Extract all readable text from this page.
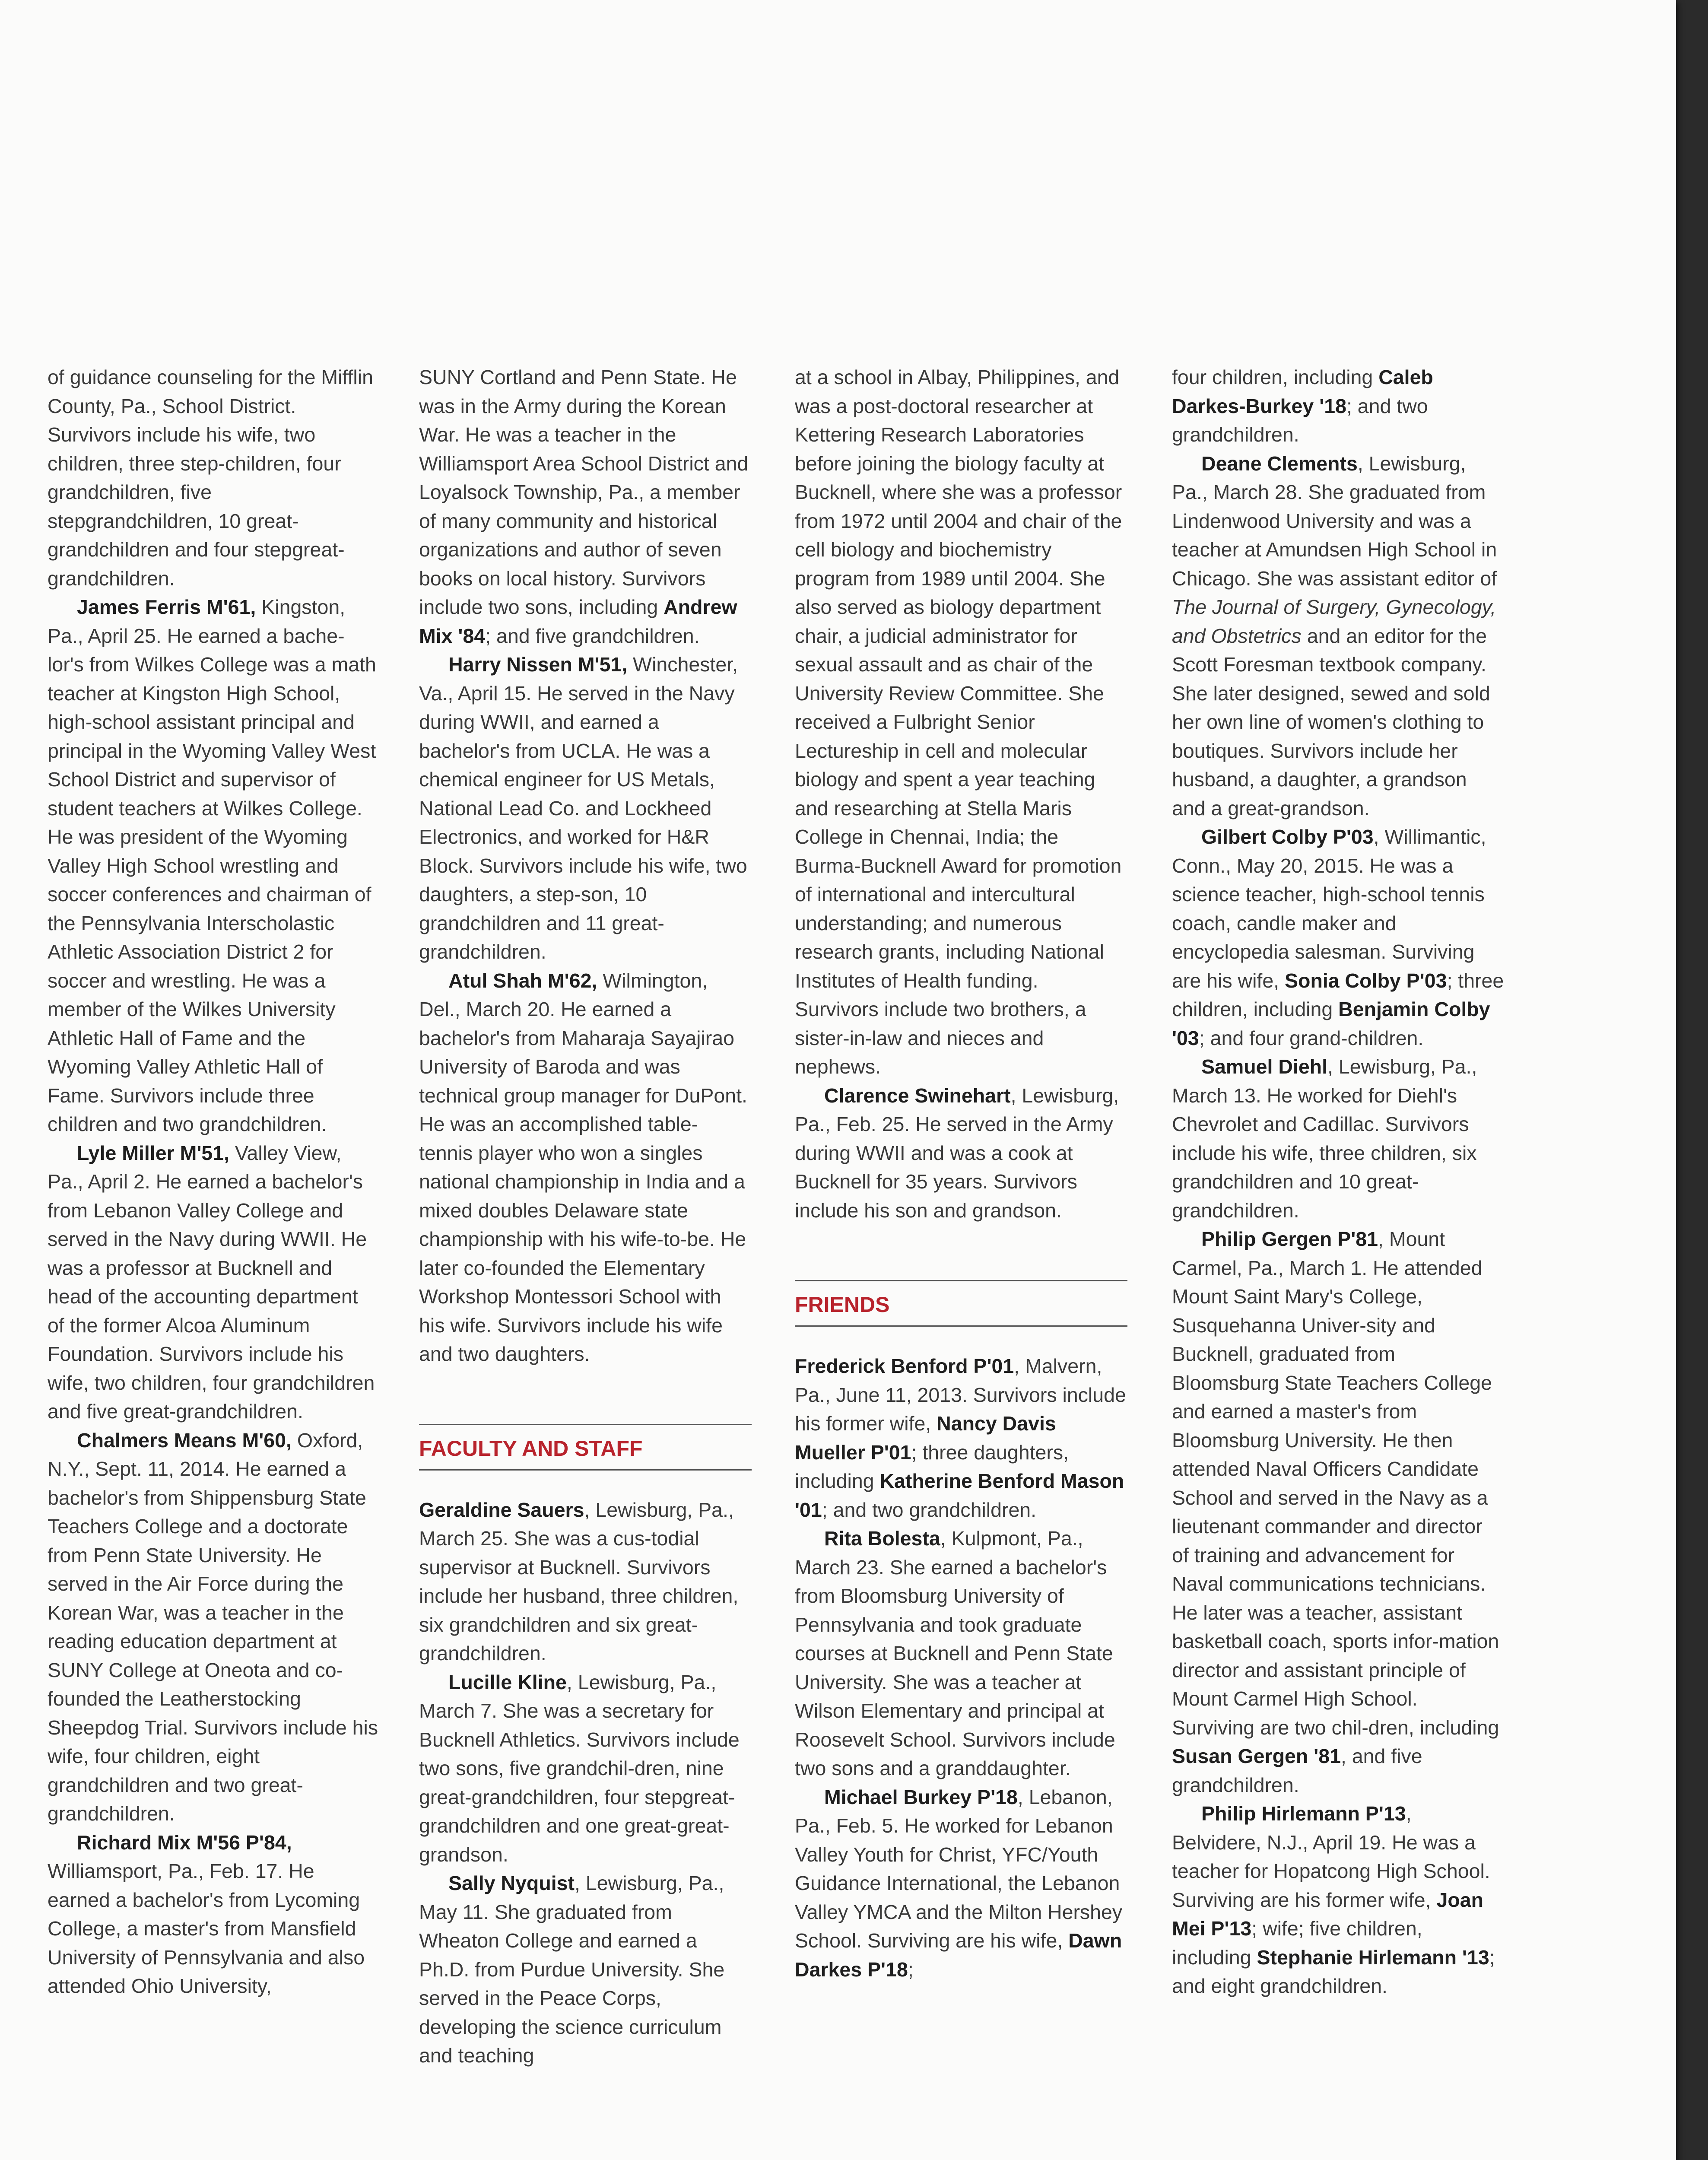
of guidance counseling for the Mifflin County, Pa., School District. Survivors include his wife, two children, three step-children, four grandchildren, five stepgrandchildren, 10 great-grandchildren and four stepgreat-grandchildren.

James Ferris M'61, Kingston, Pa., April 25. He earned a bache-lor's from Wilkes College was a math teacher at Kingston High School, high-school assistant principal and principal in the Wyoming Valley West School District and supervisor of student teachers at Wilkes College. He was president of the Wyoming Valley High School wrestling and soccer conferences and chairman of the Pennsylvania Interscholastic Athletic Association District 2 for soccer and wrestling. He was a member of the Wilkes University Athletic Hall of Fame and the Wyoming Valley Athletic Hall of Fame. Survivors include three children and two grandchildren.

Lyle Miller M'51, Valley View, Pa., April 2. He earned a bachelor's from Lebanon Valley College and served in the Navy during WWII. He was a professor at Bucknell and head of the accounting department of the former Alcoa Aluminum Foundation. Survivors include his wife, two children, four grandchildren and five great-grandchildren.

Chalmers Means M'60, Oxford, N.Y., Sept. 11, 2014. He earned a bachelor's from Shippensburg State Teachers College and a doctorate from Penn State University. He served in the Air Force during the Korean War, was a teacher in the reading education department at SUNY College at Oneota and co-founded the Leatherstocking Sheepdog Trial. Survivors include his wife, four children, eight grandchildren and two great-grandchildren.

Richard Mix M'56 P'84, Williamsport, Pa., Feb. 17. He earned a bachelor's from Lycoming College, a master's from Mansfield University of Pennsylvania and also attended Ohio University,

SUNY Cortland and Penn State. He was in the Army during the Korean War. He was a teacher in the Williamsport Area School District and Loyalsock Township, Pa., a member of many community and historical organizations and author of seven books on local history. Survivors include two sons, including Andrew Mix '84; and five grandchildren.

Harry Nissen M'51, Winchester, Va., April 15. He served in the Navy during WWII, and earned a bachelor's from UCLA. He was a chemical engineer for US Metals, National Lead Co. and Lockheed Electronics, and worked for H&R Block. Survivors include his wife, two daughters, a step-son, 10 grandchildren and 11 great-grandchildren.

Atul Shah M'62, Wilmington, Del., March 20. He earned a bachelor's from Maharaja Sayajirao University of Baroda and was technical group manager for DuPont. He was an accomplished table-tennis player who won a singles national championship in India and a mixed doubles Delaware state championship with his wife-to-be. He later co-founded the Elementary Workshop Montessori School with his wife. Survivors include his wife and two daughters.

FACULTY AND STAFF

Geraldine Sauers, Lewisburg, Pa., March 25. She was a cus-todial supervisor at Bucknell. Survivors include her husband, three children, six grandchildren and six great-grandchildren.

Lucille Kline, Lewisburg, Pa., March 7. She was a secretary for Bucknell Athletics. Survivors include two sons, five grandchil-dren, nine great-grandchildren, four stepgreat-grandchildren and one great-great-grandson.

Sally Nyquist, Lewisburg, Pa., May 11. She graduated from Wheaton College and earned a Ph.D. from Purdue University. She served in the Peace Corps, developing the science curriculum and teaching

at a school in Albay, Philippines, and was a post-doctoral researcher at Kettering Research Laboratories before joining the biology faculty at Bucknell, where she was a professor from 1972 until 2004 and chair of the cell biology and biochemistry program from 1989 until 2004. She also served as biology department chair, a judicial administrator for sexual assault and as chair of the University Review Committee. She received a Fulbright Senior Lectureship in cell and molecular biology and spent a year teaching and researching at Stella Maris College in Chennai, India; the Burma-Bucknell Award for promotion of international and intercultural understanding; and numerous research grants, including National Institutes of Health funding. Survivors include two brothers, a sister-in-law and nieces and nephews.

Clarence Swinehart, Lewisburg, Pa., Feb. 25. He served in the Army during WWII and was a cook at Bucknell for 35 years. Survivors include his son and grandson.

FRIENDS

Frederick Benford P'01, Malvern, Pa., June 11, 2013. Survivors include his former wife, Nancy Davis Mueller P'01; three daughters, including Katherine Benford Mason '01; and two grandchildren.

Rita Bolesta, Kulpmont, Pa., March 23. She earned a bachelor's from Bloomsburg University of Pennsylvania and took graduate courses at Bucknell and Penn State University. She was a teacher at Wilson Elementary and principal at Roosevelt School. Survivors include two sons and a granddaughter.

Michael Burkey P'18, Lebanon, Pa., Feb. 5. He worked for Lebanon Valley Youth for Christ, YFC/Youth Guidance International, the Lebanon Valley YMCA and the Milton Hershey School. Surviving are his wife, Dawn Darkes P'18;

four children, including Caleb Darkes-Burkey '18; and two grandchildren.

Deane Clements, Lewisburg, Pa., March 28. She graduated from Lindenwood University and was a teacher at Amundsen High School in Chicago. She was assistant editor of The Journal of Surgery, Gynecology, and Obstetrics and an editor for the Scott Foresman textbook company. She later designed, sewed and sold her own line of women's clothing to boutiques. Survivors include her husband, a daughter, a grandson and a great-grandson.

Gilbert Colby P'03, Willimantic, Conn., May 20, 2015. He was a science teacher, high-school tennis coach, candle maker and encyclopedia salesman. Surviving are his wife, Sonia Colby P'03; three children, including Benjamin Colby '03; and four grand-children.

Samuel Diehl, Lewisburg, Pa., March 13. He worked for Diehl's Chevrolet and Cadillac. Survivors include his wife, three children, six grandchildren and 10 great-grandchildren.

Philip Gergen P'81, Mount Carmel, Pa., March 1. He attended Mount Saint Mary's College, Susquehanna Univer-sity and Bucknell, graduated from Bloomsburg State Teachers College and earned a master's from Bloomsburg University. He then attended Naval Officers Candidate School and served in the Navy as a lieutenant commander and director of training and advancement for Naval communications technicians. He later was a teacher, assistant basketball coach, sports infor-mation director and assistant principle of Mount Carmel High School. Surviving are two chil-dren, including Susan Gergen '81, and five grandchildren.

Philip Hirlemann P'13, Belvidere, N.J., April 19. He was a teacher for Hopatcong High School. Surviving are his former wife, Joan Mei P'13; wife; five children, including Stephanie Hirlemann '13; and eight grandchildren.
